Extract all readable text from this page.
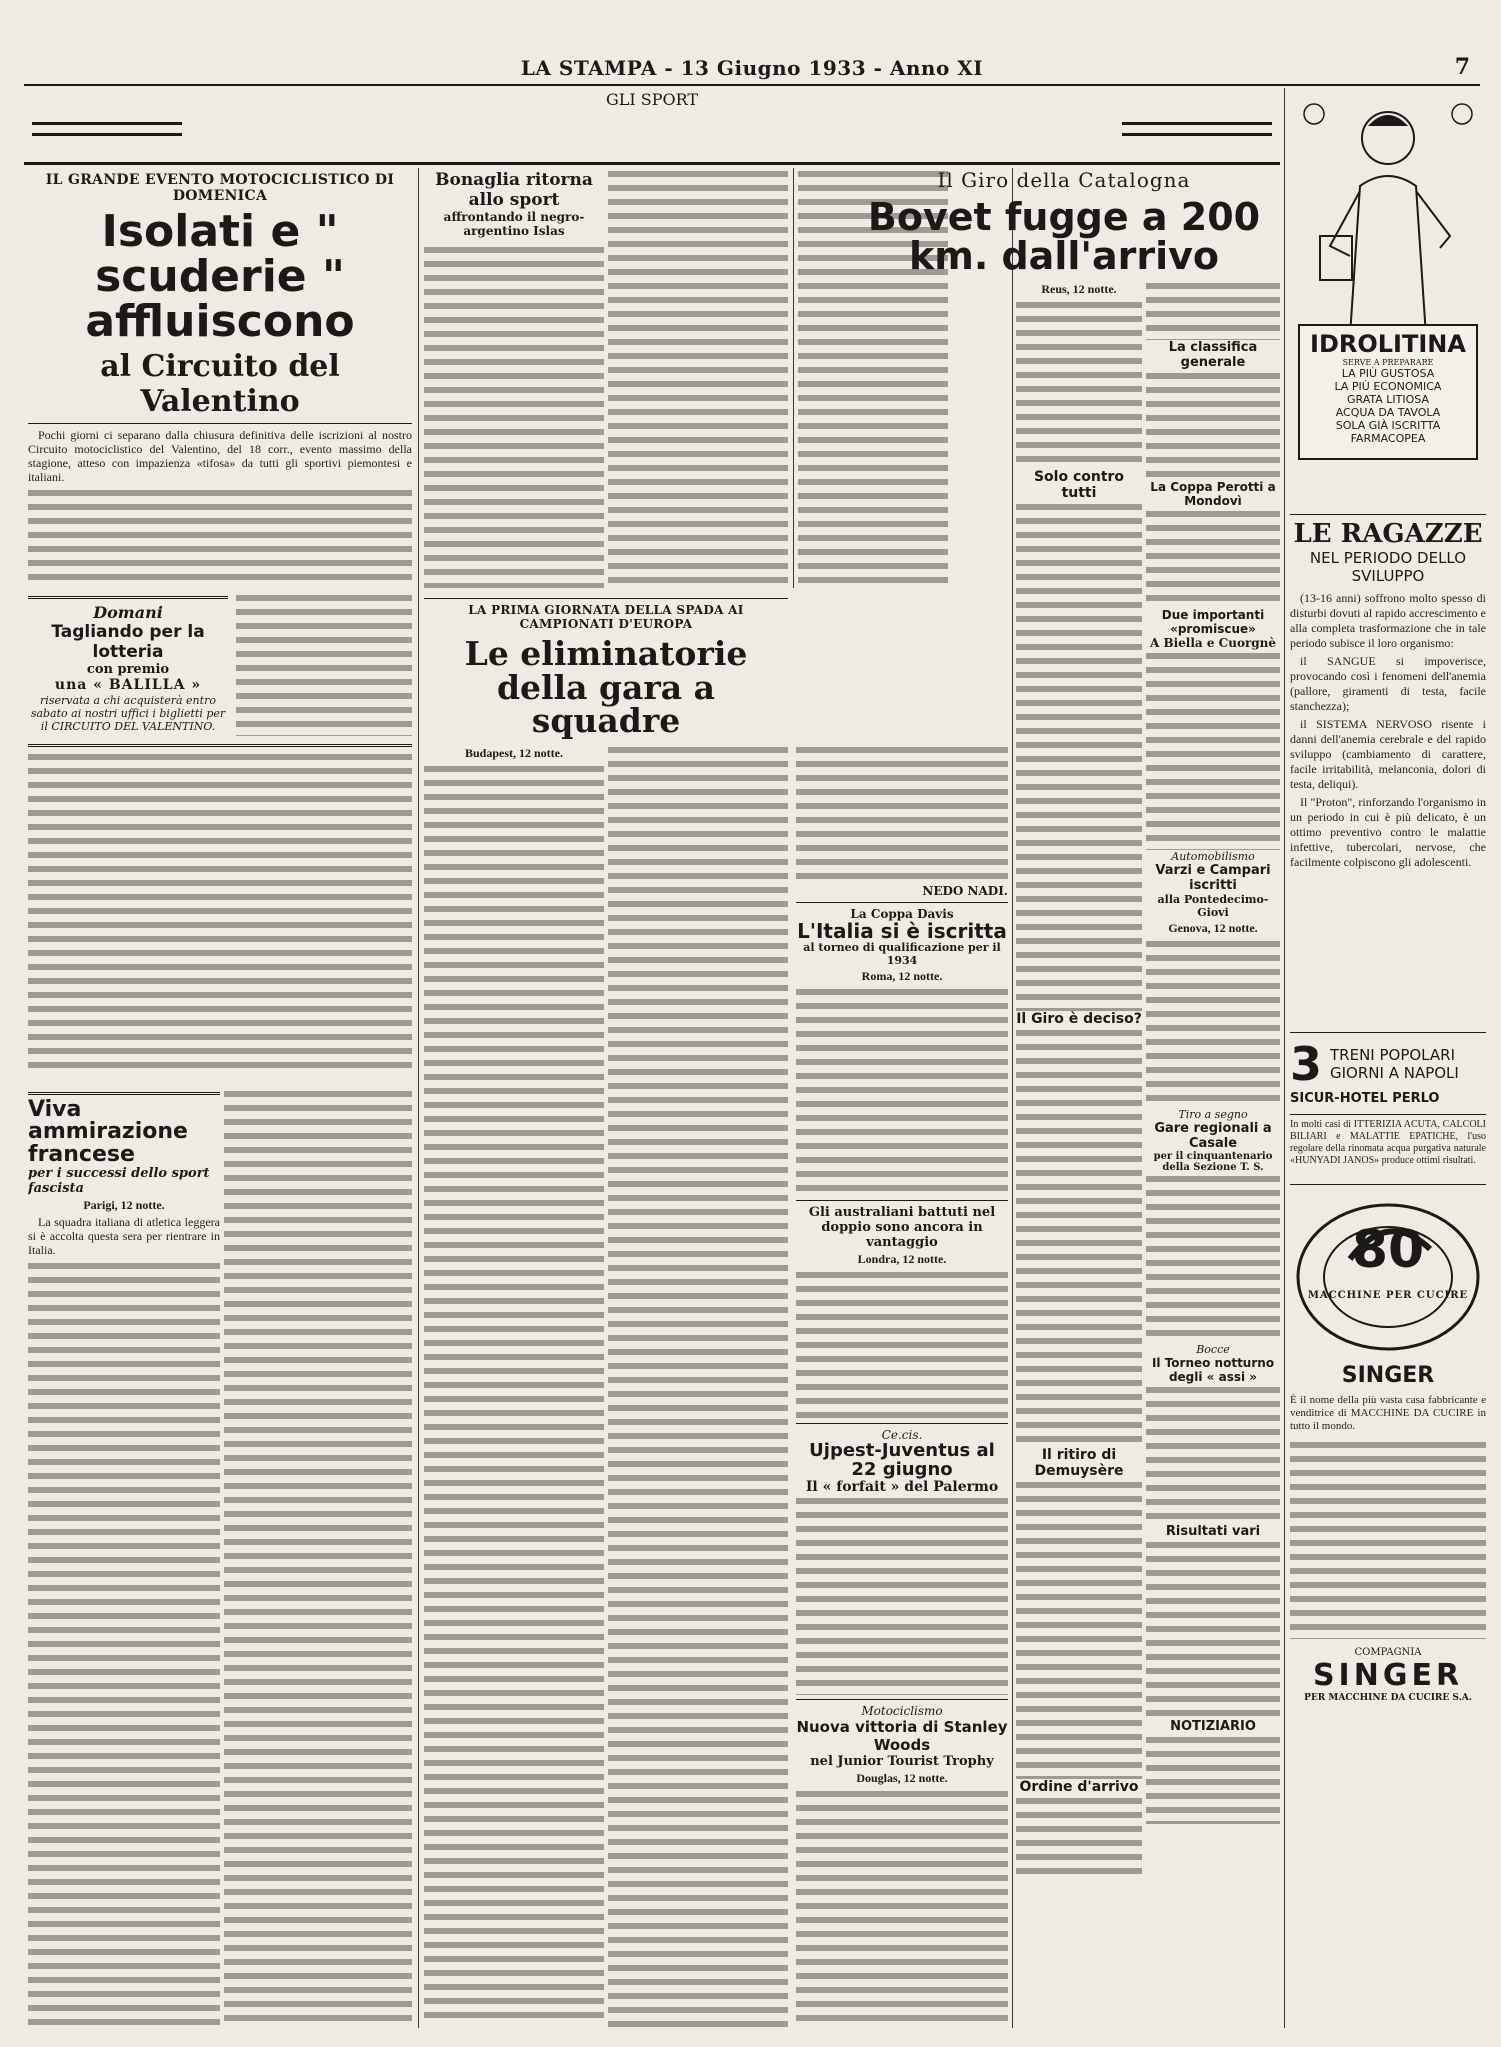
LA STAMPA - 13 Giugno 1933 - Anno XI	7
GLI SPORT
IL GRANDE EVENTO MOTOCICLISTICO DI DOMENICA
Isolati e " scuderie " affluiscono
al Circuito del Valentino

Pochi giorni ci separano dalla chiusura definitiva delle iscrizioni al nostro Circuito motociclistico del Valentino, del 18 corr., evento massimo della stagione, atteso con impazienza «tifosa» da tutti gli sportivi piemontesi e italiani.

Domani
Tagliando per la lotteria
con premio
una « BALILLA »
riservata a chi acquisterà entro sabato ai nostri uffici i biglietti per il CIRCUITO DEL VALENTINO.
Viva ammirazione francese
per i successi dello sport fascista
Parigi, 12 notte.

La squadra italiana di atletica leggera si è accolta questa sera per rientrare in Italia.

Bonaglia ritorna allo sport
affrontando il negro-argentino Islas
LA PRIMA GIORNATA DELLA SPADA AI CAMPIONATI D'EUROPA
Le eliminatorie della gara a squadre
Budapest, 12 notte.
NEDO NADI.
La Coppa Davis
L'Italia si è iscritta
al torneo di qualificazione per il 1934
Roma, 12 notte.
Gli australiani battuti nel doppio sono ancora in vantaggio
Londra, 12 notte.
Ce.cis.
Ujpest-Juventus al 22 giugno
Il « forfait » del Palermo
Motociclismo
Nuova vittoria di Stanley Woods
nel Junior Tourist Trophy
Douglas, 12 notte.
Il Giro della Catalogna
Bovet fugge a 200 km. dall'arrivo
Reus, 12 notte.
Solo contro tutti
Il Giro è deciso?
Il ritiro di Demuysère
Ordine d'arrivo
La classifica generale
La Coppa Perotti a Mondovì
Due importanti «promiscue»
A Biella e Cuorgnè
Automobilismo
Varzi e Campari iscritti
alla Pontedecimo-Giovi
Genova, 12 notte.
Tiro a segno
Gare regionali a Casale
per il cinquantenario della Sezione T. S.
Bocce
Il Torneo notturno degli « assi »
Risultati vari
NOTIZIARIO
IDROLITINA
SERVE A PREPARARE
LA PIÙ GUSTOSA
LA PIÙ ECONOMICA
GRATA LITIOSA
ACQUA DA TAVOLA
SOLA GIÀ ISCRITTA
FARMACOPEA
LE RAGAZZE
NEL PERIODO DELLO SVILUPPO

(13-16 anni) soffrono molto spesso di disturbi dovuti al rapido accrescimento e alla completa trasformazione che in tale periodo subisce il loro organismo:

il SANGUE si impoverisce, provocando così i fenomeni dell'anemia (pallore, giramenti di testa, facile stanchezza);

il SISTEMA NERVOSO risente i danni dell'anemia cerebrale e del rapido sviluppo (cambiamento di carattere, facile irritabilità, melanconia, dolori di testa, deliqui).

Il "Proton", rinforzando l'organismo in un periodo in cui è più delicato, è un ottimo preventivo contro le malattie infettive, tubercolari, nervose, che facilmente colpiscono gli adolescenti.

3 TRENI POPOLARI
GIORNI A NAPOLI
SICUR-HOTEL PERLO
In molti casi di ITTERIZIA ACUTA, CALCOLI BILIARI e MALATTIE EPATICHE, l'uso regolare della rinomata acqua purgativa naturale «HUNYADI JANOS» produce ottimi risultati.
80
MACCHINE PER CUCIRE
SINGER
È il nome della più vasta casa fabbricante e venditrice di MACCHINE DA CUCIRE in tutto il mondo.
COMPAGNIA
SINGER
PER MACCHINE DA CUCIRE S.A.
